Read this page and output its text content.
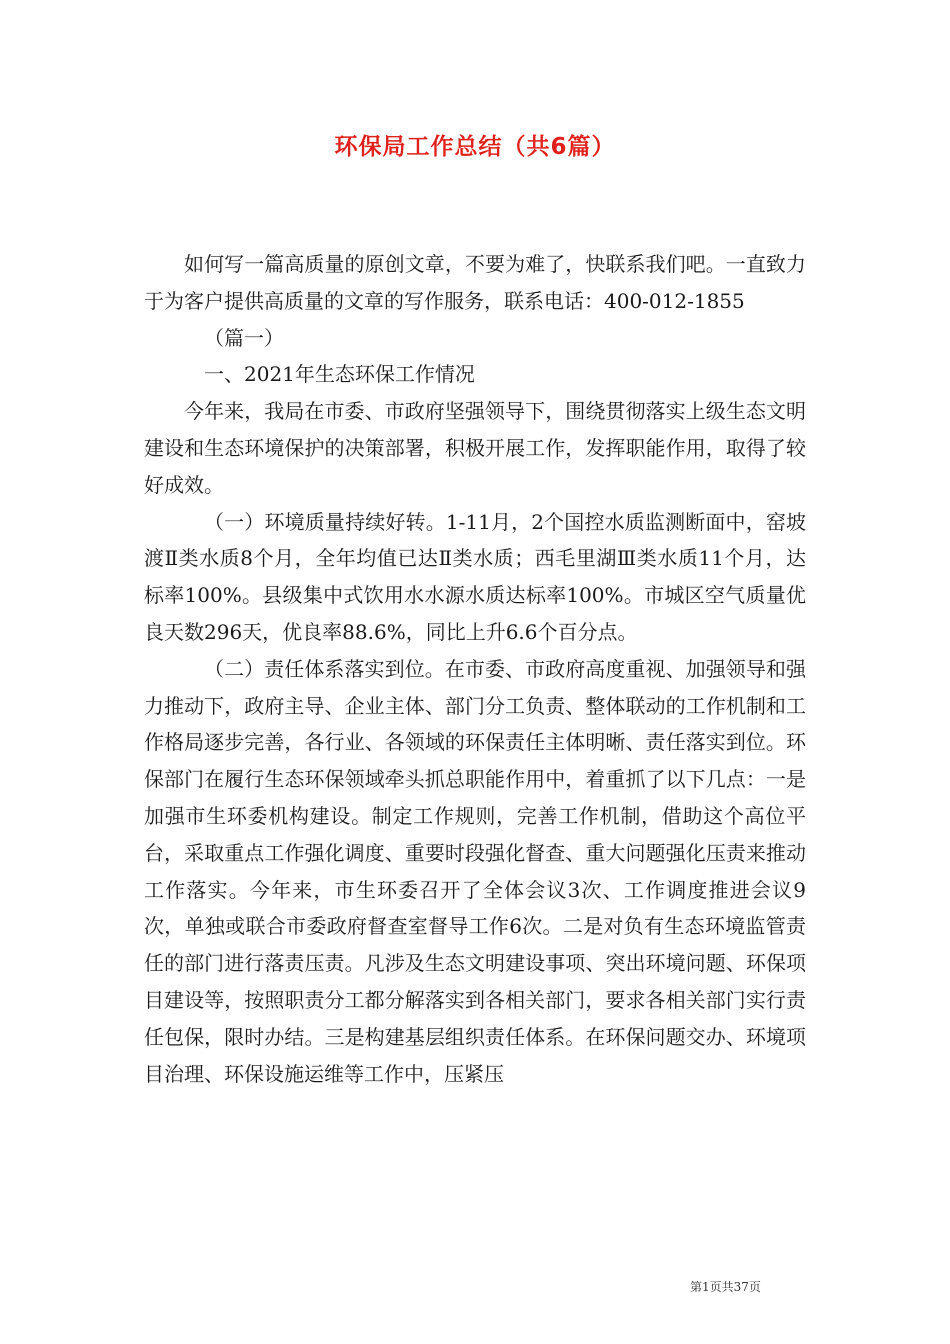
环保局工作总结（共6篇）

如何写一篇高质量的原创文章，不要为难了，快联系我们吧。一直致力于为客户提供高质量的文章的写作服务，联系电话：400-012-1855

（篇一）

一、2021年生态环保工作情况

今年来，我局在市委、市政府坚强领导下，围绕贯彻落实上级生态文明建设和生态环境保护的决策部署，积极开展工作，发挥职能作用，取得了较好成效。

（一）环境质量持续好转。1-11月，2个国控水质监测断面中，窑坡渡Ⅱ类水质8个月，全年均值已达Ⅱ类水质；西毛里湖Ⅲ类水质11个月，达标率100%。县级集中式饮用水水源水质达标率100%。市城区空气质量优良天数296天，优良率88.6%，同比上升6.6个百分点。

（二）责任体系落实到位。在市委、市政府高度重视、加强领导和强力推动下，政府主导、企业主体、部门分工负责、整体联动的工作机制和工作格局逐步完善，各行业、各领域的环保责任主体明晰、责任落实到位。环保部门在履行生态环保领域牵头抓总职能作用中，着重抓了以下几点：一是加强市生环委机构建设。制定工作规则，完善工作机制，借助这个高位平台，采取重点工作强化调度、重要时段强化督查、重大问题强化压责来推动工作落实。今年来，市生环委召开了全体会议3次、工作调度推进会议9次，单独或联合市委政府督查室督导工作6次。二是对负有生态环境监管责任的部门进行落责压责。凡涉及生态文明建设事项、突出环境问题、环保项目建设等，按照职责分工都分解落实到各相关部门，要求各相关部门实行责任包保，限时办结。三是构建基层组织责任体系。在环保问题交办、环境项目治理、环保设施运维等工作中，压紧压

第1页共37页
